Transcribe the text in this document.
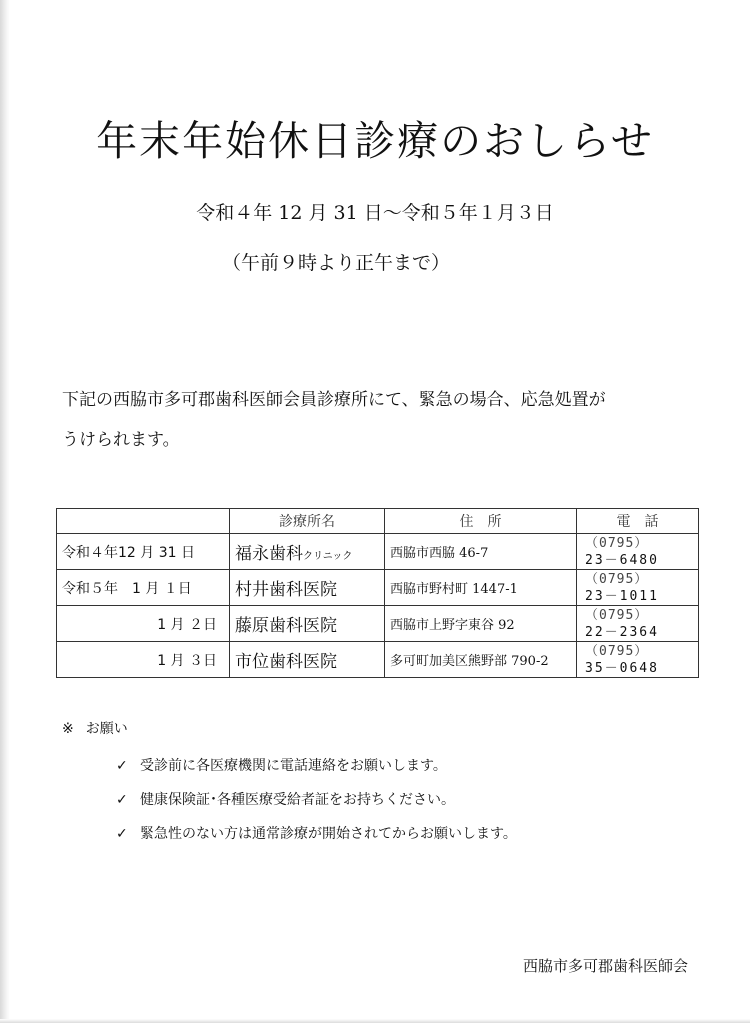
年末年始休日診療のおしらせ
令和４年 12 月 31 日～令和５年１月３日
（午前９時より正午まで）
下記の西脇市多可郡歯科医師会員診療所にて、緊急の場合、応急処置が
うけられます。
	診療所名	住　所	電　話
令和４年12 月 31 日	福永歯科クリニック	西脇市西脇 46-7	（0795）
23－6480

令和５年　1 月 １日	村井歯科医院	西脇市野村町 1447-1	（0795）
23－1011

1 月 ２日	藤原歯科医院	西脇市上野字東谷 92	（0795）
22－2364

1 月 ３日	市位歯科医院	多可町加美区熊野部 790-2	（0795）
35－0648
※ お願い
✓ 受診前に各医療機関に電話連絡をお願いします。
✓ 健康保険証･各種医療受給者証をお持ちください。
✓ 緊急性のない方は通常診療が開始されてからお願いします。
西脇市多可郡歯科医師会
